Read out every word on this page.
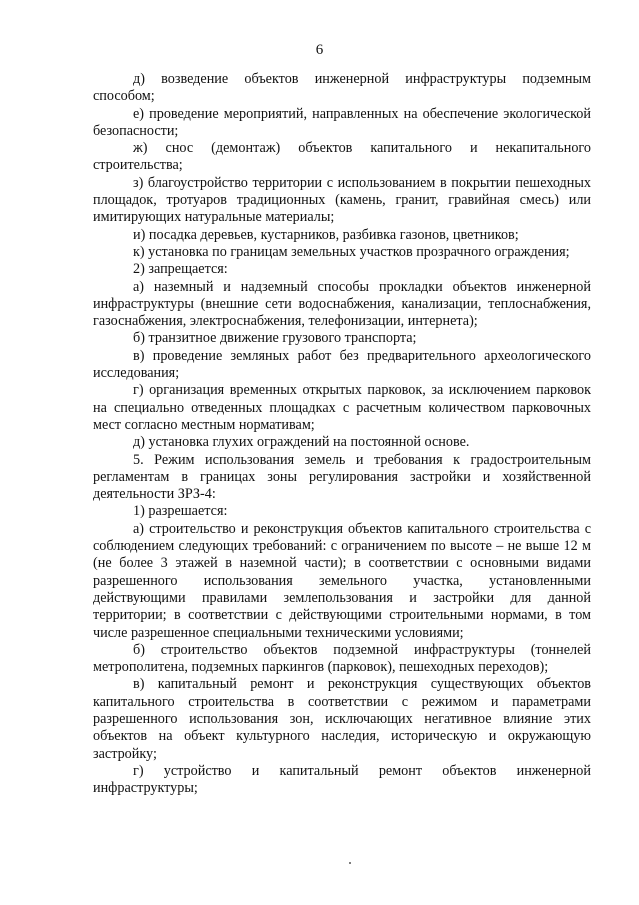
6

д) возведение объектов инженерной инфраструктуры подземным способом;

е) проведение мероприятий, направленных на обеспечение экологической безопасности;

ж) снос (демонтаж) объектов капитального и некапитального строительства;

з) благоустройство территории с использованием в покрытии пешеходных площадок, тротуаров традиционных (камень, гранит, гравийная смесь) или имитирующих натуральные материалы;

и) посадка деревьев, кустарников, разбивка газонов, цветников;

к) установка по границам земельных участков прозрачного ограждения;

2) запрещается:

а) наземный и надземный способы прокладки объектов инженерной инфраструктуры (внешние сети водоснабжения, канализации, теплоснабжения, газоснабжения, электроснабжения, телефонизации, интернета);

б) транзитное движение грузового транспорта;

в) проведение земляных работ без предварительного археологического исследования;

г) организация временных открытых парковок, за исключением парковок на специально отведенных площадках с расчетным количеством парковочных мест согласно местным нормативам;

д) установка глухих ограждений на постоянной основе.

5. Режим использования земель и требования к градостроительным регламентам в границах зоны регулирования застройки и хозяйственной деятельности ЗРЗ-4:

1) разрешается:

а) строительство и реконструкция объектов капитального строительства с соблюдением следующих требований: с ограничением по высоте – не выше 12 м (не более 3 этажей в наземной части); в соответствии с основными видами разрешенного использования земельного участка, установленными действующими правилами землепользования и застройки для данной территории; в соответствии с действующими строительными нормами, в том числе разрешенное специальными техническими условиями;

б) строительство объектов подземной инфраструктуры (тоннелей метрополитена, подземных паркингов (парковок), пешеходных переходов);

в) капитальный ремонт и реконструкция существующих объектов капитального строительства в соответствии с режимом и параметрами разрешенного использования зон, исключающих негативное влияние этих объектов на объект культурного наследия, историческую и окружающую застройку;

г) устройство и капитальный ремонт объектов инженерной инфраструктуры;
